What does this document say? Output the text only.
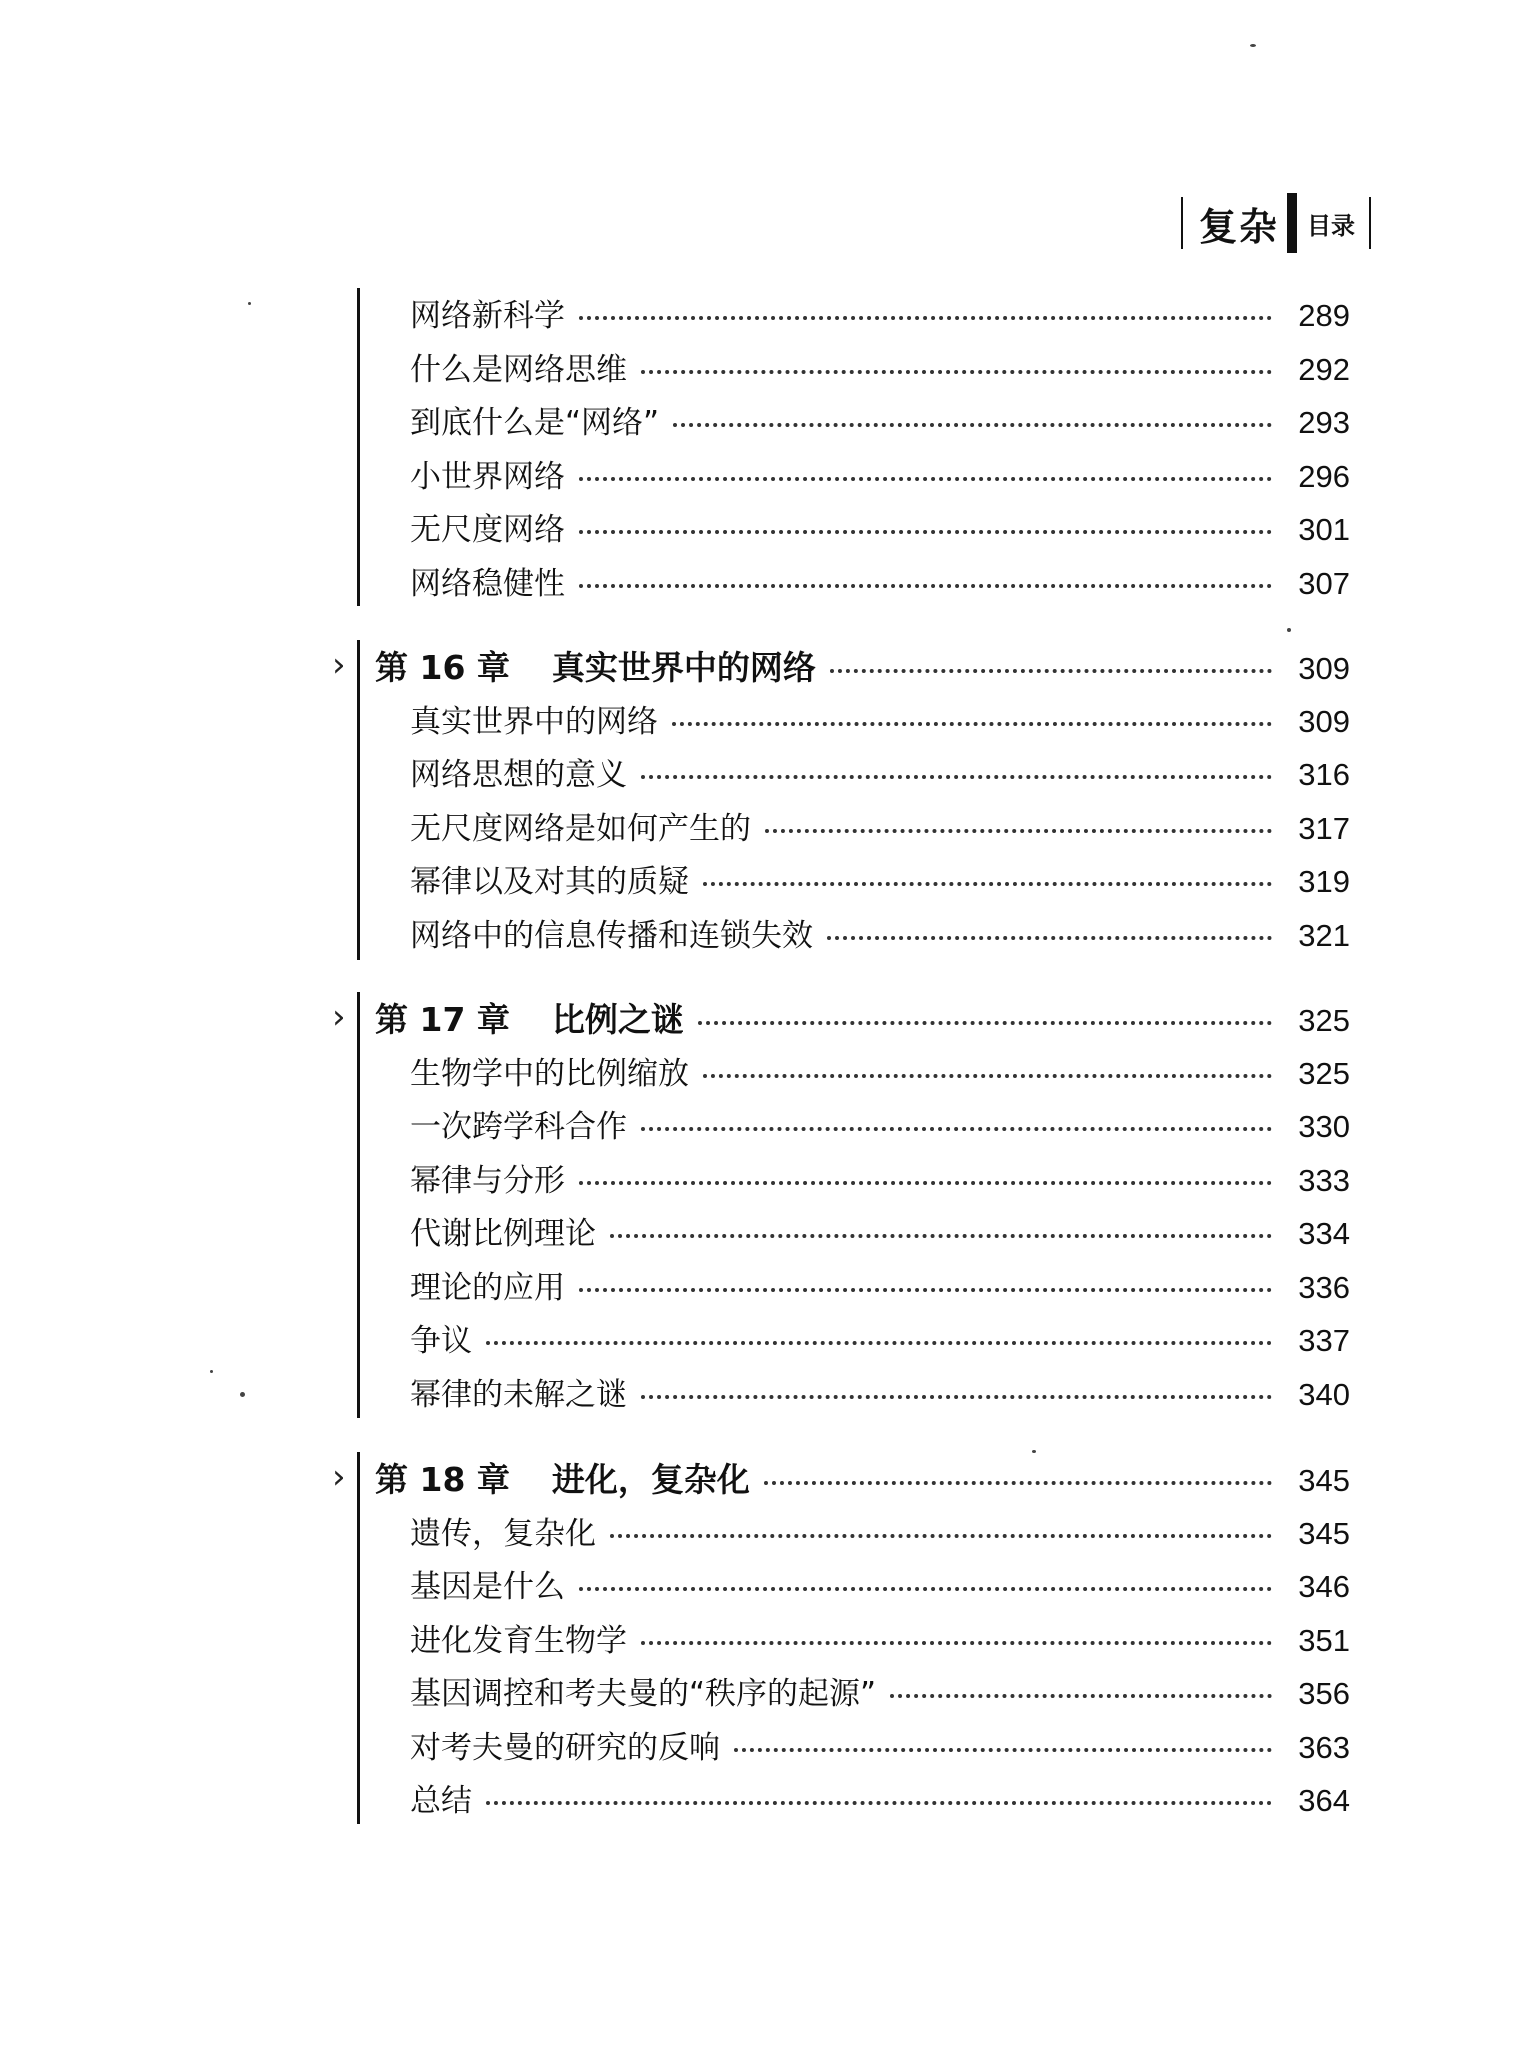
复杂 目录
网络新科学	289
什么是网络思维	292
到底什么是“网络”	293
小世界网络	296
无尺度网络	301
网络稳健性	307
› 第 16 章 真实世界中的网络	309
真实世界中的网络	309
网络思想的意义	316
无尺度网络是如何产生的	317
幂律以及对其的质疑	319
网络中的信息传播和连锁失效	321
› 第 17 章 比例之谜	325
生物学中的比例缩放	325
一次跨学科合作	330
幂律与分形	333
代谢比例理论	334
理论的应用	336
争议	337
幂律的未解之谜	340
› 第 18 章 进化，复杂化	345
遗传，复杂化	345
基因是什么	346
进化发育生物学	351
基因调控和考夫曼的“秩序的起源”	356
对考夫曼的研究的反响	363
总结	364
